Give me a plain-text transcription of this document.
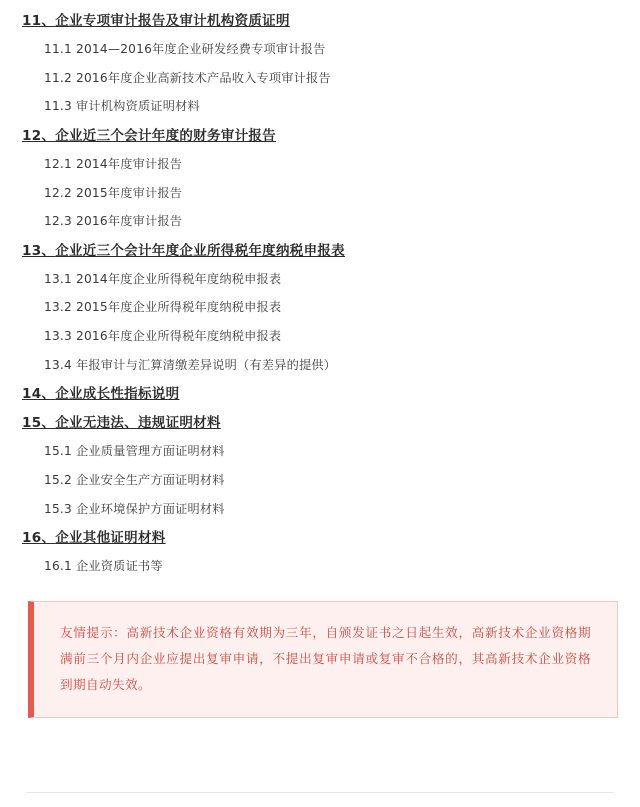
11、 企业专项审计报告及审计机构资质证明
11.1 2014—2016年度企业研发经费专项审计报告
11.2 2016年度企业高新技术产品收入专项审计报告
11.3 审计机构资质证明材料
12、 企业近三个会计年度的财务审计报告
12.1 2014年度审计报告
12.2 2015年度审计报告
12.3 2016年度审计报告
13、 企业近三个会计年度企业所得税年度纳税申报表
13.1 2014年度企业所得税年度纳税申报表
13.2 2015年度企业所得税年度纳税申报表
13.3 2016年度企业所得税年度纳税申报表
13.4 年报审计与汇算清缴差异说明（有差异的提供）
14、 企业成长性指标说明
15、 企业无违法、违规证明材料
15.1 企业质量管理方面证明材料
15.2 企业安全生产方面证明材料
15.3 企业环境保护方面证明材料
16、 企业其他证明材料
16.1 企业资质证书等
友情提示：高新技术企业资格有效期为三年，自颁发证书之日起生效，高新技术企业资格期满前三个月内企业应提出复审申请，不提出复审申请或复审不合格的，其高新技术企业资格到期自动失效。
